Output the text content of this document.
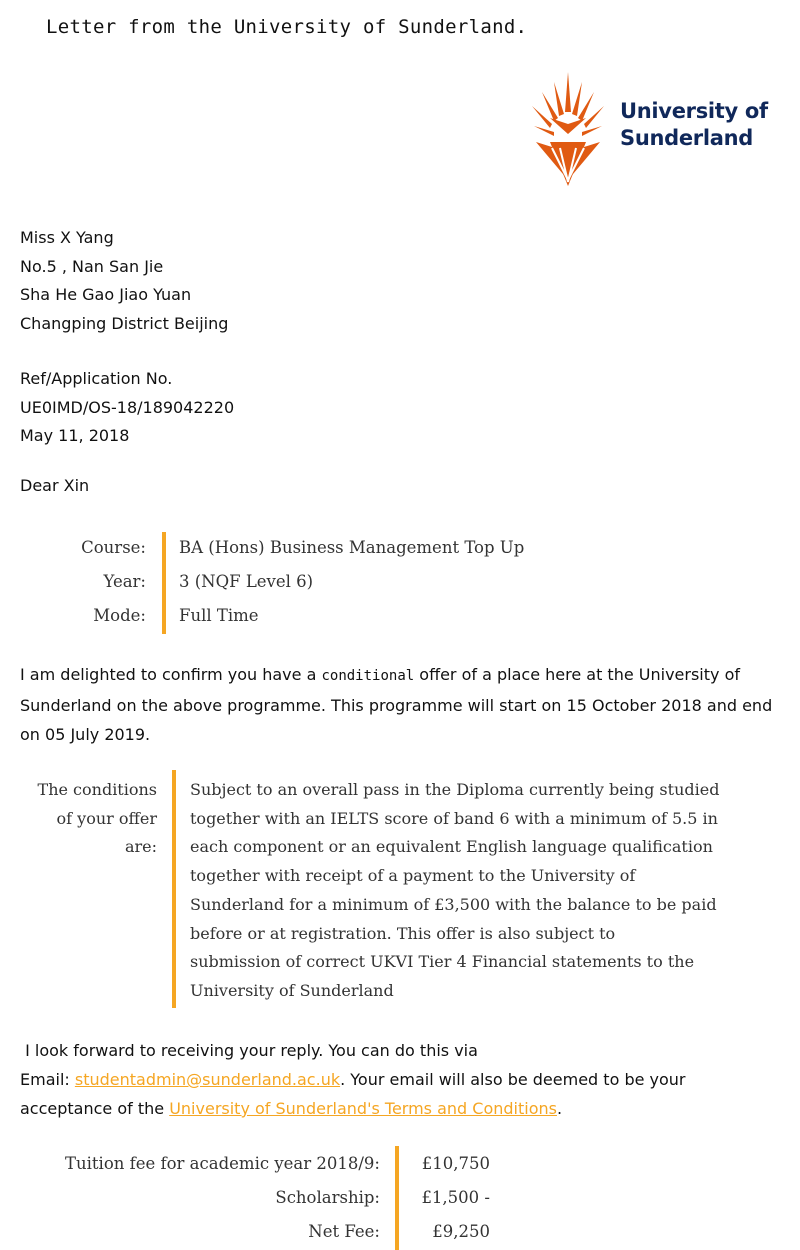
Letter from the University of Sunderland.
University of
Sunderland
Miss X Yang
No.5 , Nan San Jie
Sha He Gao Jiao Yuan
Changping District Beijing
Ref/Application No.
UE0IMD/OS-18/189042220
May 11, 2018
Dear Xin
Course:	BA (Hons) Business Management Top Up
Year:	3 (NQF Level 6)
Mode:	Full Time
I am delighted to confirm you have a conditional offer of a place here at the University of Sunderland on the above programme. This programme will start on 15 October 2018 and end on 05 July 2019.
The conditions
of your offer
are:
Subject to an overall pass in the Diploma currently being studied
together with an IELTS score of band 6 with a minimum of 5.5 in
each component or an equivalent English language qualification
together with receipt of a payment to the University of
Sunderland for a minimum of £3,500 with the balance to be paid
before or at registration. This offer is also subject to
submission of correct UKVI Tier 4 Financial statements to the
University of Sunderland
I look forward to receiving your reply. You can do this via
Email: studentadmin@sunderland.ac.uk. Your email will also be deemed to be your
acceptance of the University of Sunderland's Terms and Conditions.
Tuition fee for academic year 2018/9:	£10,750
Scholarship:	£1,500 -
Net Fee:	£9,250
